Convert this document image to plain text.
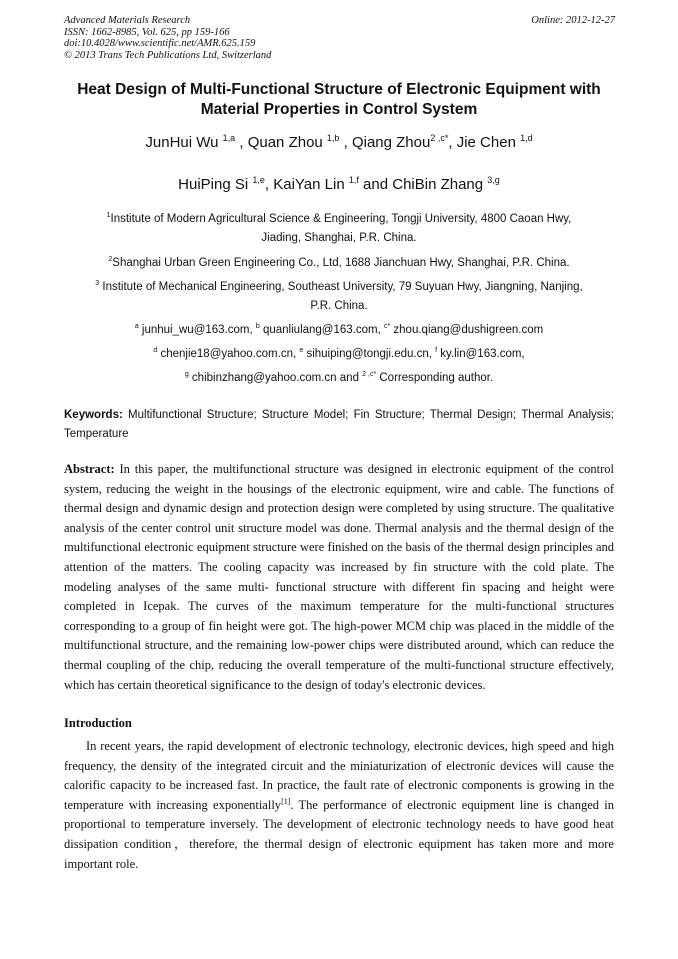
Advanced Materials Research
ISSN: 1662-8985, Vol. 625, pp 159-166
doi:10.4028/www.scientific.net/AMR.625.159
© 2013 Trans Tech Publications Ltd, Switzerland
Online: 2012-12-27
Heat Design of Multi-Functional Structure of Electronic Equipment with
Material Properties in Control System
JunHui Wu $^{1,a}$ , Quan Zhou $^{1,b}$ , Qiang Zhou$^{2 ,c*}$, Jie Chen $^{1,d}$
HuiPing Si $^{1,e}$, KaiYan Lin $^{1,f}$ and ChiBin Zhang $^{3,g}$
$^1$Institute of Modern Agricultural Science & Engineering, Tongji University, 4800 Caoan Hwy,
Jiading, Shanghai, P.R. China.
$^2$Shanghai Urban Green Engineering Co., Ltd, 1688 Jianchuan Hwy, Shanghai, P.R. China.
$^3$ Institute of Mechanical Engineering, Southeast University, 79 Suyuan Hwy, Jiangning, Nanjing,
P.R. China.
$^a$ junhui_wu@163.com, $^b$ quanliulang@163.com, $^{c*}$ zhou.qiang@dushigreen.com
$^d$ chenjie18@yahoo.com.cn, $^e$ sihuiping@tongji.edu.cn, $^f$ ky.lin@163.com,
$^g$ chibinzhang@yahoo.com.cn and $^{2 ,c*}$ Corresponding author.
Keywords: Multifunctional Structure; Structure Model; Fin Structure; Thermal Design; Thermal Analysis; Temperature
Abstract: In this paper, the multifunctional structure was designed in electronic equipment of the control system, reducing the weight in the housings of the electronic equipment, wire and cable. The functions of thermal design and dynamic design and protection design were completed by using structure. The qualitative analysis of the center control unit structure model was done. Thermal analysis and the thermal design of the multifunctional electronic equipment structure were finished on the basis of the thermal design principles and attention of the matters. The cooling capacity was increased by fin structure with the cold plate. The modeling analyses of the same multi- functional structure with different fin spacing and height were completed in Icepak. The curves of the maximum temperature for the multi-functional structures corresponding to a group of fin height were got. The high-power MCM chip was placed in the middle of the multifunctional structure, and the remaining low-power chips were distributed around, which can reduce the thermal coupling of the chip, reducing the overall temperature of the multi-functional structure effectively, which has certain theoretical significance to the design of today's electronic devices.
Introduction
In recent years, the rapid development of electronic technology, electronic devices, high speed and high frequency, the density of the integrated circuit and the miniaturization of electronic devices will cause the calorific capacity to be increased fast. In practice, the fault rate of electronic components is growing in the temperature with increasing exponentially[1]. The performance of electronic equipment line is changed in proportional to temperature inversely. The development of electronic technology needs to have good heat dissipation condition，therefore, the thermal design of electronic equipment has taken more and more important role.
